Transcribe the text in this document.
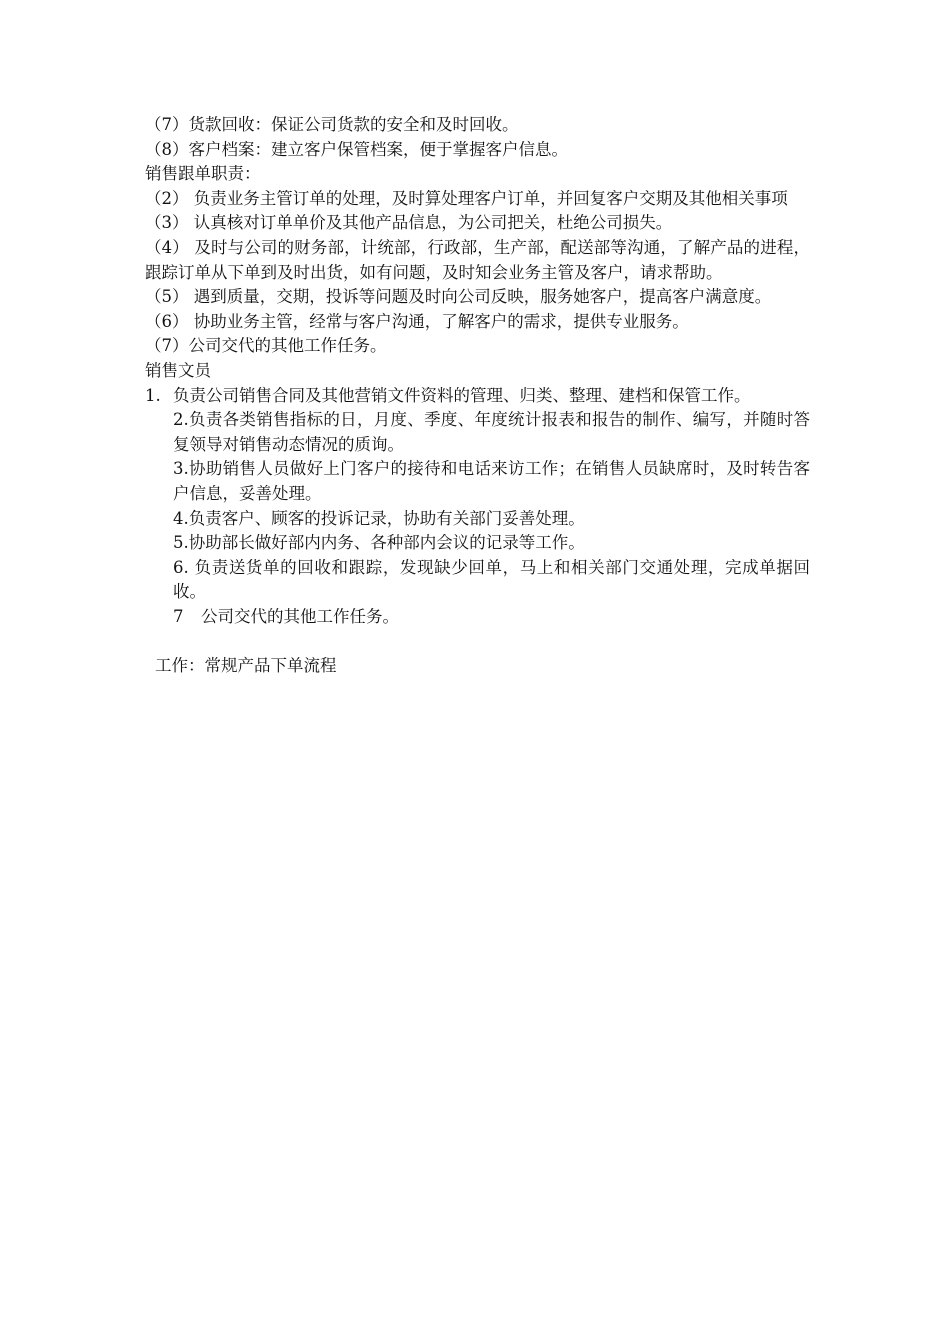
（7）货款回收：保证公司货款的安全和及时回收。
（8）客户档案：建立客户保管档案，便于掌握客户信息。
销售跟单职责：
（2） 负责业务主管订单的处理，及时算处理客户订单，并回复客户交期及其他相关事项
（3） 认真核对订单单价及其他产品信息，为公司把关，杜绝公司损失。
（4） 及时与公司的财务部，计统部，行政部，生产部，配送部等沟通，了解产品的进程，跟踪订单从下单到及时出货，如有问题，及时知会业务主管及客户，请求帮助。
（5） 遇到质量，交期，投诉等问题及时向公司反映，服务她客户，提高客户满意度。
（6） 协助业务主管，经常与客户沟通，了解客户的需求，提供专业服务。
（7）公司交代的其他工作任务。
销售文员
1. 负责公司销售合同及其他营销文件资料的管理、归类、整理、建档和保管工作。
2.负责各类销售指标的日，月度、季度、年度统计报表和报告的制作、编写，并随时答复领导对销售动态情况的质询。
3.协助销售人员做好上门客户的接待和电话来访工作；在销售人员缺席时，及时转告客户信息，妥善处理。
4.负责客户、顾客的投诉记录，协助有关部门妥善处理。
5.协助部长做好部内内务、各种部内会议的记录等工作。
6. 负责送货单的回收和跟踪，发现缺少回单，马上和相关部门交通处理，完成单据回收。
7 公司交代的其他工作任务。
工作：常规产品下单流程
